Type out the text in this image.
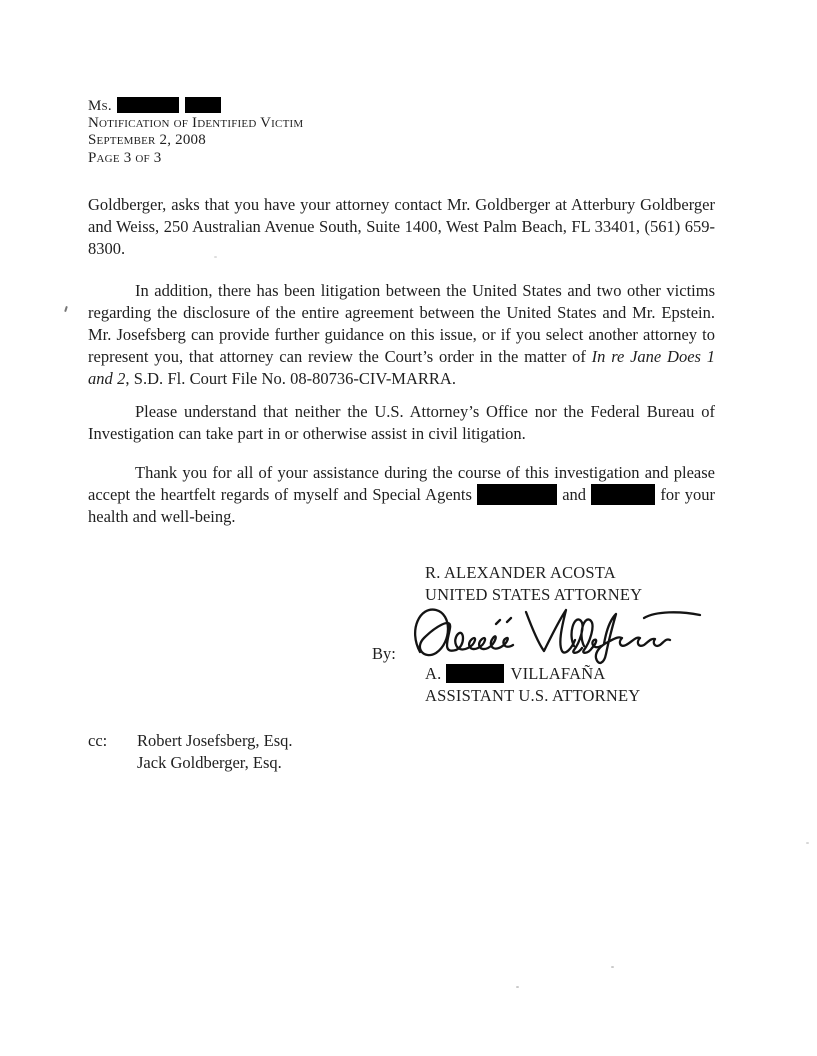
Ms.
Notification of Identified Victim
September 2, 2008
Page 3 of 3

Goldberger, asks that you have your attorney contact Mr. Goldberger at Atterbury Goldberger and Weiss, 250 Australian Avenue South, Suite 1400, West Palm Beach, FL 33401, (561) 659-8300.

In addition, there has been litigation between the United States and two other victims regarding the disclosure of the entire agreement between the United States and Mr. Epstein. Mr. Josefsberg can provide further guidance on this issue, or if you select another attorney to represent you, that attorney can review the Court’s order in the matter of In re Jane Does 1 and 2, S.D. Fl. Court File No. 08-80736-CIV-MARRA.

Please understand that neither the U.S. Attorney’s Office nor the Federal Bureau of Investigation can take part in or otherwise assist in civil litigation.

Thank you for all of your assistance during the course of this investigation and please accept the heartfelt regards of myself and Special Agents	and	for your health and well-being.

R. ALEXANDER ACOSTA
UNITED STATES ATTORNEY
By:
A.	VILLAFAÑA
ASSISTANT U.S. ATTORNEY
cc:	Robert Josefsberg, Esq.
Jack Goldberger, Esq.
